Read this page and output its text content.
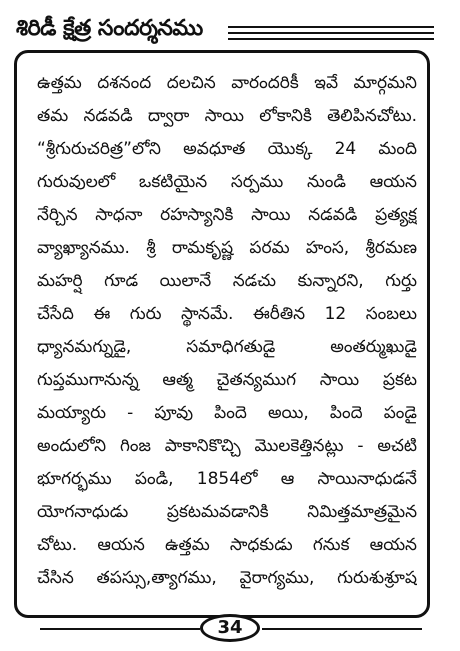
శిరిడీ క్షేత్ర సందర్శనము
ఉత్తమ దశనంద దలచిన వారందరికీ ఇవే మార్గమని
తమ నడవడి ద్వారా సాయి లోకానికి తెలిపినచోటు.
“శ్రీగురుచరిత్ర”లోని అవధూత యొక్క 24 మంది
గురువులలో ఒకటియైన సర్పము నుండి ఆయన
నేర్చిన సాధనా రహస్యానికి సాయి నడవడి ప్రత్యక్ష
వ్యాఖ్యానము. శ్రీ రామకృష్ణ పరమ హంస, శ్రీరమణ
మహర్షి గూడ యిలానే నడచు కున్నారని, గుర్తు
చేసేది ఈ గురు స్థానమే. ఈరీతిన 12 సంబలు
ధ్యానమగ్నుడై, సమాధిగతుడై అంతర్ముఖుడై
గుప్తముగానున్న ఆత్మ చైతన్యముగ సాయి ప్రకట
మయ్యారు - పూవు పిందె అయి, పిందె పండై
అందులోని గింజ పాకానికొచ్చి మొలకెత్తినట్లు - అచటి
భూగర్భము పండి, 1854లో ఆ సాయినాధుడనే
యోగనాధుడు ప్రకటమవడానికి నిమిత్తమాత్రమైన
చోటు. ఆయన ఉత్తమ సాధకుడు గనుక ఆయన
చేసిన తపస్సు,త్యాగము, వైరాగ్యము, గురుశుశ్రూష
34
